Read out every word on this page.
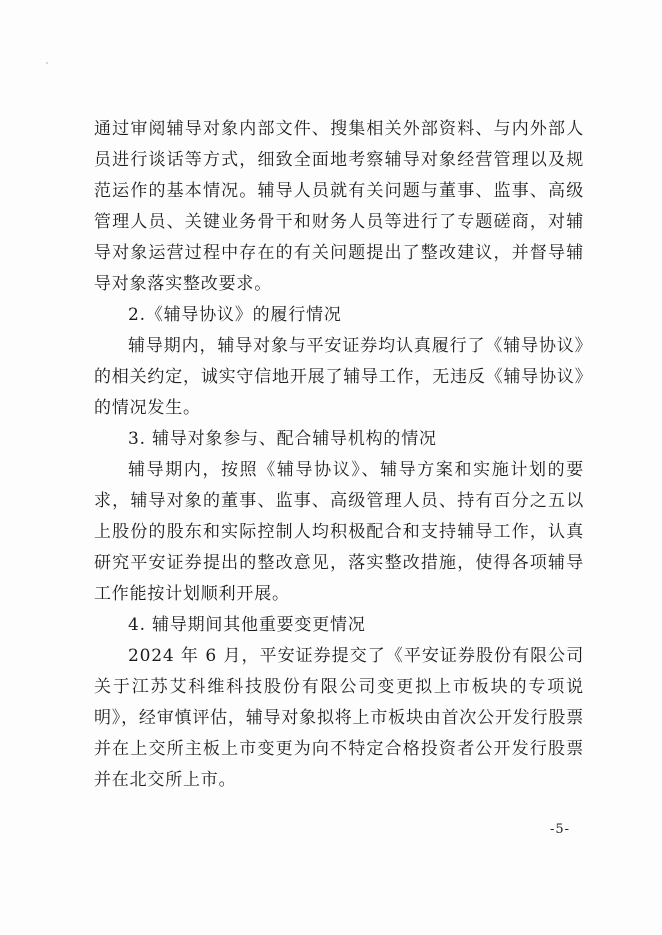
通过审阅辅导对象内部文件、搜集相关外部资料、与内外部人员进行谈话等方式，细致全面地考察辅导对象经营管理以及规范运作的基本情况。辅导人员就有关问题与董事、监事、高级管理人员、关键业务骨干和财务人员等进行了专题磋商，对辅导对象运营过程中存在的有关问题提出了整改建议，并督导辅导对象落实整改要求。

2.《辅导协议》的履行情况

辅导期内，辅导对象与平安证券均认真履行了《辅导协议》的相关约定，诚实守信地开展了辅导工作，无违反《辅导协议》的情况发生。

3. 辅导对象参与、配合辅导机构的情况

辅导期内，按照《辅导协议》、辅导方案和实施计划的要求，辅导对象的董事、监事、高级管理人员、持有百分之五以上股份的股东和实际控制人均积极配合和支持辅导工作，认真研究平安证券提出的整改意见，落实整改措施，使得各项辅导工作能按计划顺利开展。

4. 辅导期间其他重要变更情况

2024 年 6 月，平安证券提交了《平安证券股份有限公司关于江苏艾科维科技股份有限公司变更拟上市板块的专项说明》，经审慎评估，辅导对象拟将上市板块由首次公开发行股票并在上交所主板上市变更为向不特定合格投资者公开发行股票并在北交所上市。

-5-
